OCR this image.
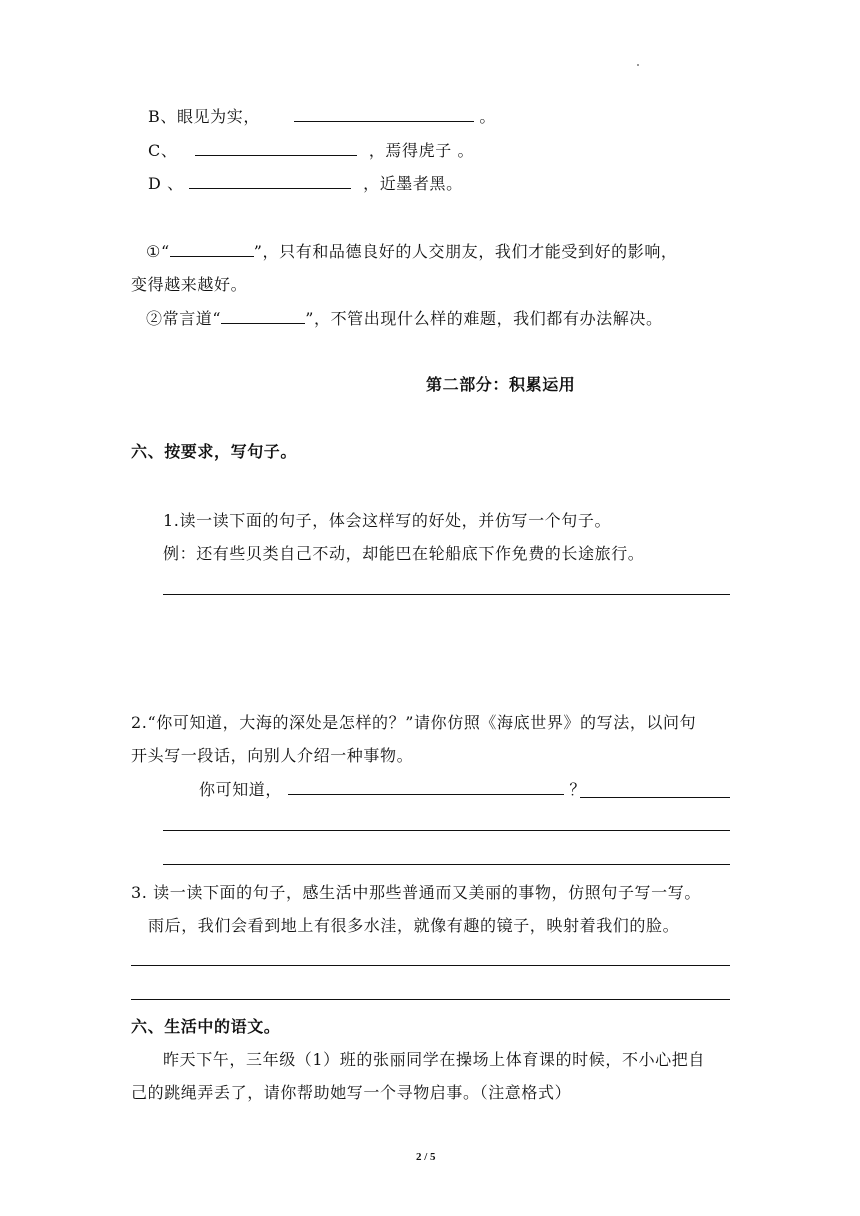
B、眼见为实，	。
C、	，焉得虎子 。
D 、	，近墨者黑。
①“	”，只有和品德良好的人交朋友，我们才能受到好的影响，
变得越来越好。
②常言道“	”，不管出现什么样的难题，我们都有办法解决。
第二部分：积累运用
六、按要求，写句子。
1.读一读下面的句子，体会这样写的好处，并仿写一个句子。
例：还有些贝类自己不动，却能巴在轮船底下作免费的长途旅行。
2.“你可知道，大海的深处是怎样的？”请你仿照《海底世界》的写法，以问句
开头写一段话，向别人介绍一种事物。
你可知道，	？
3. 读一读下面的句子，感生活中那些普通而又美丽的事物，仿照句子写一写。
雨后，我们会看到地上有很多水洼，就像有趣的镜子，映射着我们的脸。
六、生活中的语文。
昨天下午，三年级（1）班的张丽同学在操场上体育课的时候，不小心把自
己的跳绳弄丢了，请你帮助她写一个寻物启事。（注意格式）
2 / 5
